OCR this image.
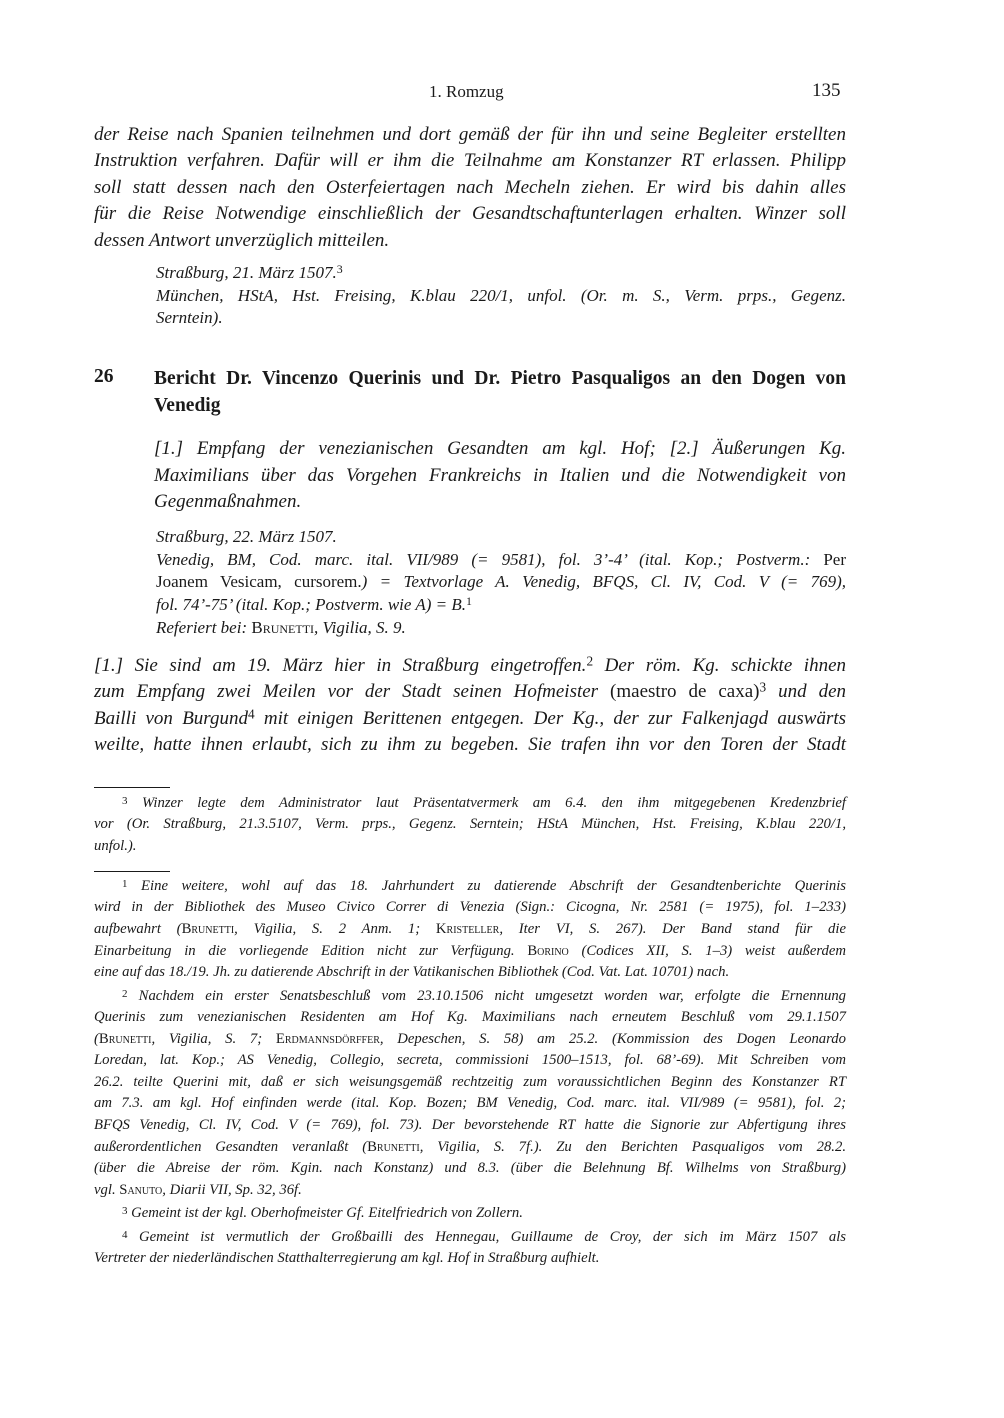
1. Romzug	135
der Reise nach Spanien teilnehmen und dort gemäß der für ihn und seine Begleiter erstellten
Instruktion verfahren. Dafür will er ihm die Teilnahme am Konstanzer RT erlassen. Philipp
soll statt dessen nach den Osterfeiertagen nach Mecheln ziehen. Er wird bis dahin alles
für die Reise Notwendige einschließlich der Gesandtschaftunterlagen erhalten. Winzer soll
dessen Antwort unverzüglich mitteilen.
Straßburg, 21. März 1507.$^3$
München, HStA, Hst. Freising, K.blau 220/1, unfol. (Or. m. S., Verm. prps., Gegenz.
Serntein).
26 Bericht Dr. Vincenzo Querinis und Dr. Pietro Pasqualigos an den Dogen von
Venedig
[1.] Empfang der venezianischen Gesandten am kgl. Hof; [2.] Äußerungen Kg.
Maximilians über das Vorgehen Frankreichs in Italien und die Notwendigkeit von
Gegenmaßnahmen.
Straßburg, 22. März 1507.
Venedig, BM, Cod. marc. ital. VII/989 (= 9581), fol. 3’-4’ (ital. Kop.; Postverm.: Per
Joanem Vesicam, cursorem.) = Textvorlage A. Venedig, BFQS, Cl. IV, Cod. V (= 769),
fol. 74’-75’ (ital. Kop.; Postverm. wie A) = B.$^1$
Referiert bei: Brunetti, Vigilia, S. 9.
[1.] Sie sind am 19. März hier in Straßburg eingetroffen.$^2$ Der röm. Kg. schickte ihnen
zum Empfang zwei Meilen vor der Stadt seinen Hofmeister (maestro de caxa)$^3$ und den
Bailli von Burgund$^4$ mit einigen Berittenen entgegen. Der Kg., der zur Falkenjagd auswärts
weilte, hatte ihnen erlaubt, sich zu ihm zu begeben. Sie trafen ihn vor den Toren der Stadt
3 Winzer legte dem Administrator laut Präsentatvermerk am 6.4. den ihm mitgegebenen Kredenzbrief
vor (Or. Straßburg, 21.3.5107, Verm. prps., Gegenz. Serntein; HStA München, Hst. Freising, K.blau 220/1,
unfol.).
1 Eine weitere, wohl auf das 18. Jahrhundert zu datierende Abschrift der Gesandtenberichte Querinis
wird in der Bibliothek des Museo Civico Correr di Venezia (Sign.: Cicogna, Nr. 2581 (= 1975), fol. 1–233)
aufbewahrt (Brunetti, Vigilia, S. 2 Anm. 1; Kristeller, Iter VI, S. 267). Der Band stand für die
Einarbeitung in die vorliegende Edition nicht zur Verfügung. Borino (Codices XII, S. 1–3) weist außerdem
eine auf das 18./19. Jh. zu datierende Abschrift in der Vatikanischen Bibliothek (Cod. Vat. Lat. 10701) nach.
2 Nachdem ein erster Senatsbeschluß vom 23.10.1506 nicht umgesetzt worden war, erfolgte die Ernennung
Querinis zum venezianischen Residenten am Hof Kg. Maximilians nach erneutem Beschluß vom 29.1.1507
(Brunetti, Vigilia, S. 7; Erdmannsdörffer, Depeschen, S. 58) am 25.2. (Kommission des Dogen Leonardo
Loredan, lat. Kop.; AS Venedig, Collegio, secreta, commissioni 1500–1513, fol. 68’-69). Mit Schreiben vom
26.2. teilte Querini mit, daß er sich weisungsgemäß rechtzeitig zum voraussichtlichen Beginn des Konstanzer RT
am 7.3. am kgl. Hof einfinden werde (ital. Kop. Bozen; BM Venedig, Cod. marc. ital. VII/989 (= 9581), fol. 2;
BFQS Venedig, Cl. IV, Cod. V (= 769), fol. 73). Der bevorstehende RT hatte die Signorie zur Abfertigung ihres
außerordentlichen Gesandten veranlaßt (Brunetti, Vigilia, S. 7f.). Zu den Berichten Pasqualigos vom 28.2.
(über die Abreise der röm. Kgin. nach Konstanz) und 8.3. (über die Belehnung Bf. Wilhelms von Straßburg)
vgl. Sanuto, Diarii VII, Sp. 32, 36f.
3 Gemeint ist der kgl. Oberhofmeister Gf. Eitelfriedrich von Zollern.
4 Gemeint ist vermutlich der Großbailli des Hennegau, Guillaume de Croy, der sich im März 1507 als
Vertreter der niederländischen Statthalterregierung am kgl. Hof in Straßburg aufhielt.
